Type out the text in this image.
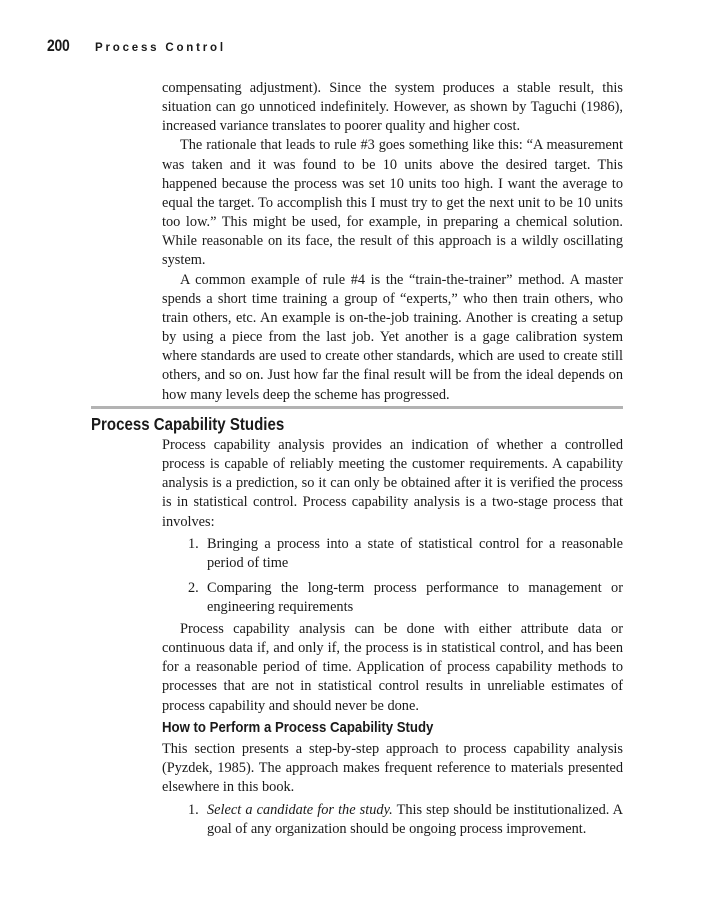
200 Process Control

compensating adjustment). Since the system produces a stable result, this situation can go unnoticed indefinitely. However, as shown by Taguchi (1986), increased variance translates to poorer quality and higher cost.

The rationale that leads to rule #3 goes something like this: “A measurement was taken and it was found to be 10 units above the desired target. This happened because the process was set 10 units too high. I want the average to equal the target. To accomplish this I must try to get the next unit to be 10 units too low.” This might be used, for example, in preparing a chemical solution. While reasonable on its face, the result of this approach is a wildly oscillating system.

A common example of rule #4 is the “train-the-trainer” method. A master spends a short time training a group of “experts,” who then train others, who train others, etc. An example is on-the-job training. Another is creating a setup by using a piece from the last job. Yet another is a gage calibration system where standards are used to create other standards, which are used to create still others, and so on. Just how far the final result will be from the ideal depends on how many levels deep the scheme has progressed.

Process Capability Studies

Process capability analysis provides an indication of whether a controlled process is capable of reliably meeting the customer requirements. A capability analysis is a prediction, so it can only be obtained after it is verified the process is in statistical control. Process capability analysis is a two-stage process that involves:

1. Bringing a process into a state of statistical control for a reasonable period of time
2. Comparing the long-term process performance to management or engineering requirements

Process capability analysis can be done with either attribute data or continuous data if, and only if, the process is in statistical control, and has been for a reasonable period of time. Application of process capability methods to processes that are not in statistical control results in unreliable estimates of process capability and should never be done.

How to Perform a Process Capability Study

This section presents a step-by-step approach to process capability analysis (Pyzdek, 1985). The approach makes frequent reference to materials presented elsewhere in this book.

1. Select a candidate for the study. This step should be institutionalized. A goal of any organization should be ongoing process improvement.
